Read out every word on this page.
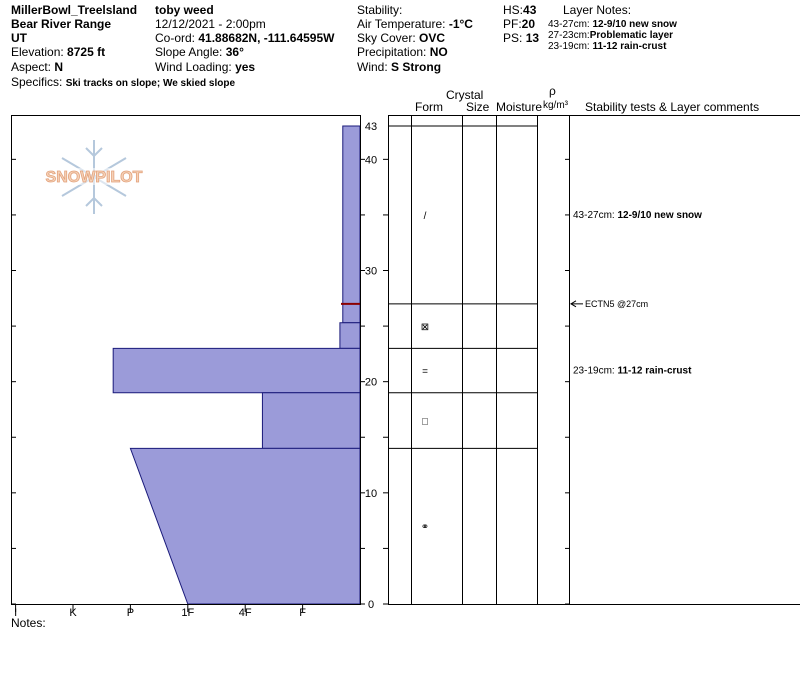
MillerBowl_Treelsland
Bear River Range
UT
Elevation: 8725 ft
Aspect: N
Specifics: Ski tracks on slope; We skied slope
toby weed
12/12/2021 - 2:00pm
Co-ord: 41.88682N, -111.64595W
Slope Angle: 36°
Wind Loading: yes
Stability:
Air Temperature: -1°C
Sky Cover: OVC
Precipitation: NO
Wind: S Strong
HS:43
PF:20
PS: 13
Layer Notes:
43-27cm: 12-9/10 new snow
27-23cm:Problematic layer
23-19cm: 11-12 rain-crust
Crystal
Form Size Moisture
ρ
kg/m³ Stability tests & Layer comments
Notes:
SNOWPILOT
I	K	P	1F	4F	F
0
10
20
30
40
43
/	43-27cm: 12-9/10 new snow
⊠
=	23-19cm: 11-12 rain-crust
□
⚭
ECTN5 @27cm
